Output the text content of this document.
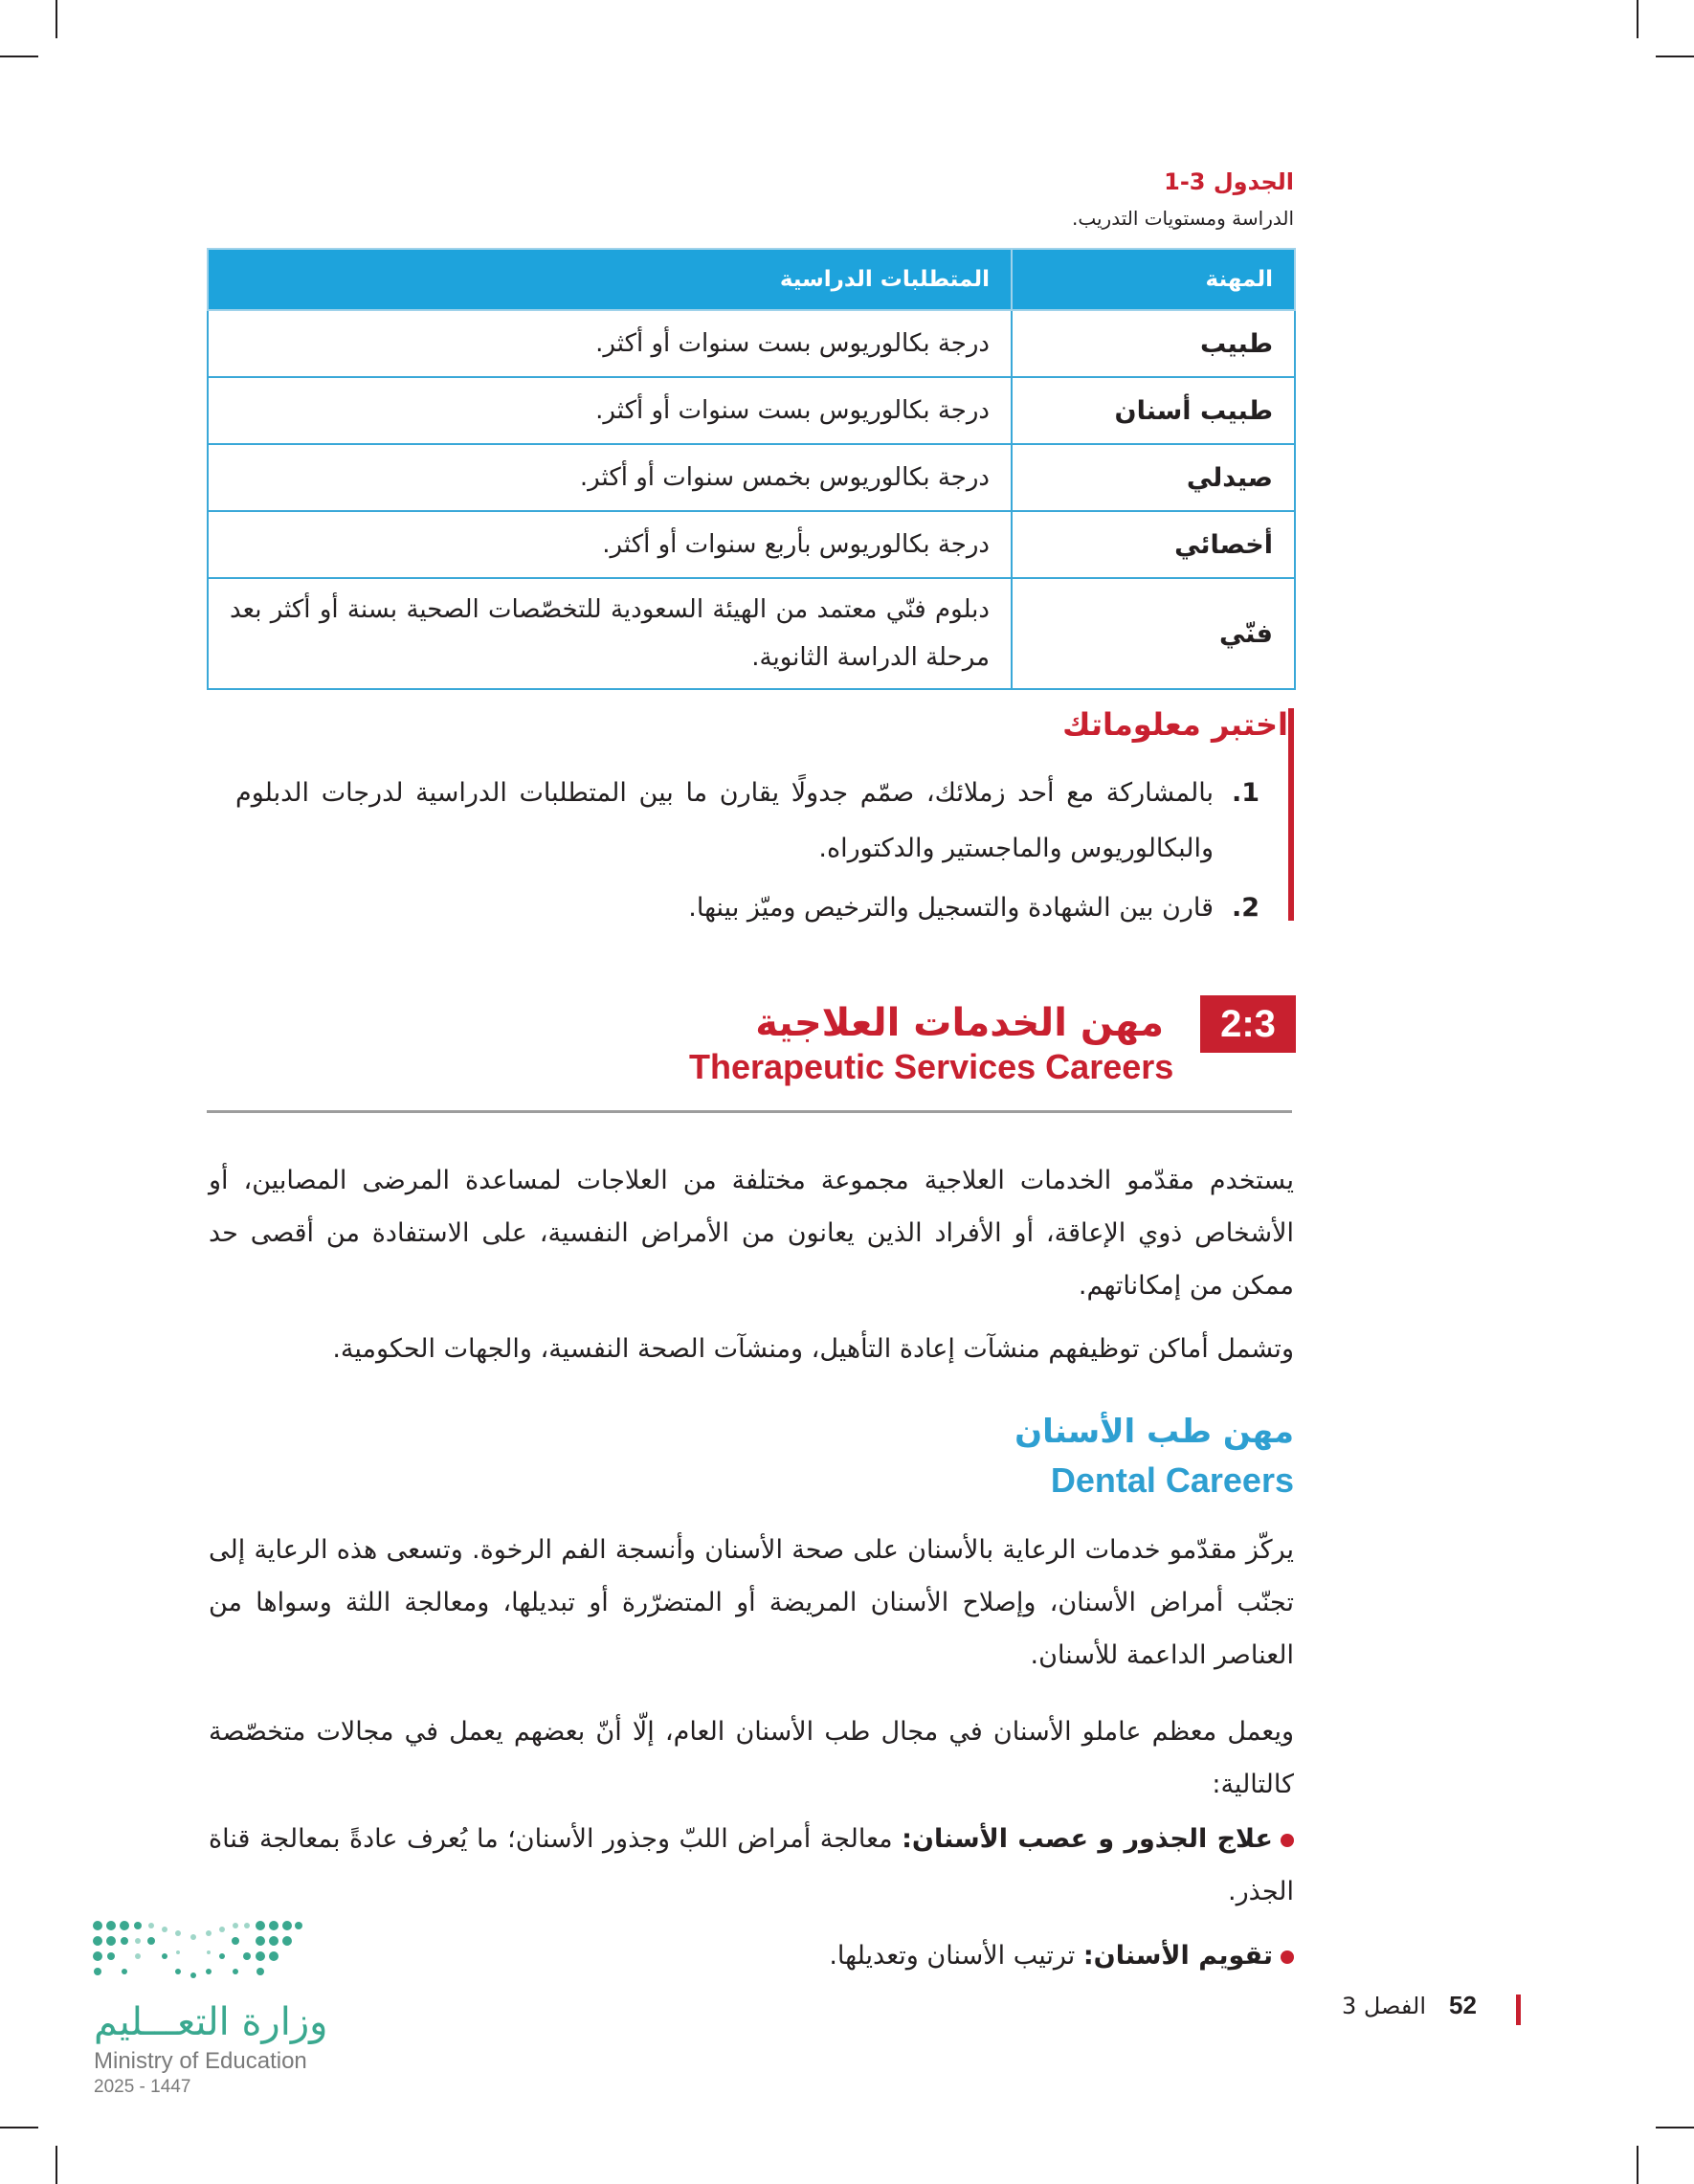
الجدول 3-1
الدراسة ومستويات التدريب.
المهنة	المتطلبات الدراسية
طبيب	درجة بكالوريوس بست سنوات أو أكثر.
طبيب أسنان	درجة بكالوريوس بست سنوات أو أكثر.
صيدلي	درجة بكالوريوس بخمس سنوات أو أكثر.
أخصائي	درجة بكالوريوس بأربع سنوات أو أكثر.
فنّي	دبلوم فنّي معتمد من الهيئة السعودية للتخصّصات الصحية بسنة أو أكثر بعد مرحلة الدراسة الثانوية.
اختبر معلوماتك
1.
بالمشاركة مع أحد زملائك، صمّم جدولًا يقارن ما بين المتطلبات الدراسية لدرجات الدبلوم والبكالوريوس والماجستير والدكتوراه.
2.
قارن بين الشهادة والتسجيل والترخيص وميّز بينها.
2:3
مهن الخدمات العلاجية
Therapeutic Services Careers
يستخدم مقدّمو الخدمات العلاجية مجموعة مختلفة من العلاجات لمساعدة المرضى المصابين، أو الأشخاص ذوي الإعاقة، أو الأفراد الذين يعانون من الأمراض النفسية، على الاستفادة من أقصى حد ممكن من إمكاناتهم.
وتشمل أماكن توظيفهم منشآت إعادة التأهيل، ومنشآت الصحة النفسية، والجهات الحكومية.
مهن طب الأسنان
Dental Careers
يركّز مقدّمو خدمات الرعاية بالأسنان على صحة الأسنان وأنسجة الفم الرخوة. وتسعى هذه الرعاية إلى تجنّب أمراض الأسنان، وإصلاح الأسنان المريضة أو المتضرّرة أو تبديلها، ومعالجة اللثة وسواها من العناصر الداعمة للأسنان.
ويعمل معظم عاملو الأسنان في مجال طب الأسنان العام، إلّا أنّ بعضهم يعمل في مجالات متخصّصة كالتالية:
علاج الجذور و عصب الأسنان: معالجة أمراض اللبّ وجذور الأسنان؛ ما يُعرف عادةً بمعالجة قناة الجذر.
تقويم الأسنان: ترتيب الأسنان وتعديلها.
وزارة التعـــليم
Ministry of Education
2025 - 1447
52
الفصل 3
